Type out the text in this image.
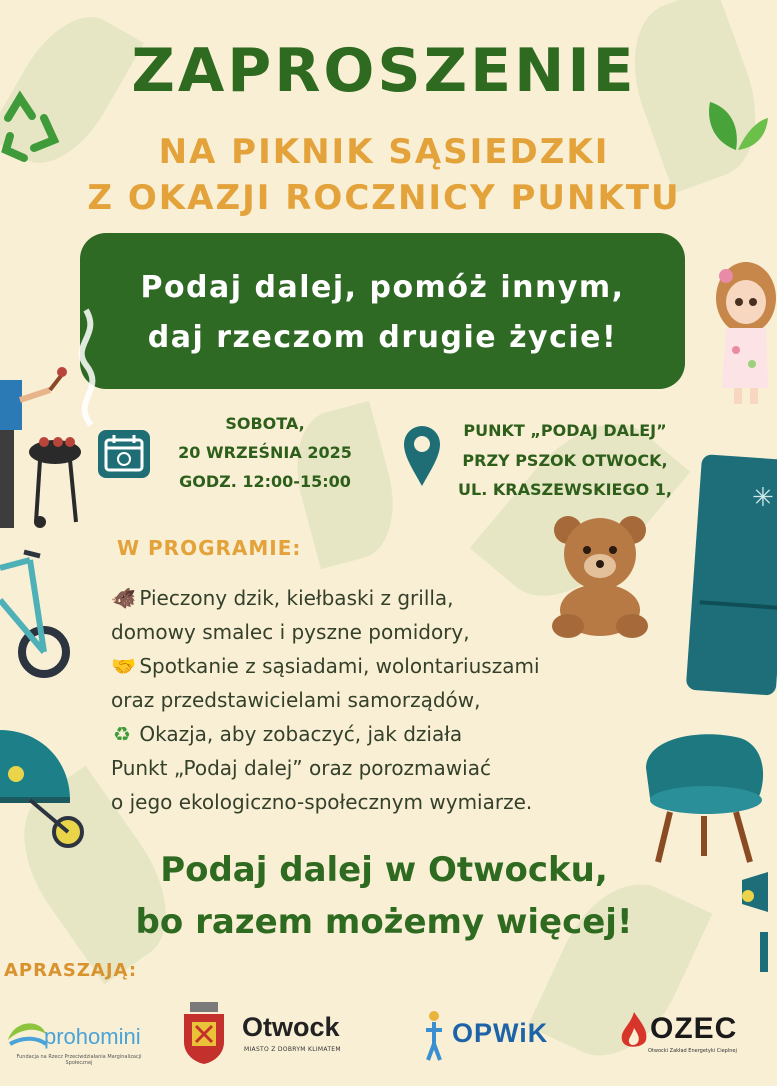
ZAPROSZENIE
NA PIKNIK SĄSIEDZKI
Z OKAZJI ROCZNICY PUNKTU
Podaj dalej, pomóż innym,
daj rzeczom drugie życie!
SOBOTA,
20 WRZEŚNIA 2025
GODZ. 12:00-15:00
PUNKT „PODAJ DALEJ”
PRZY PSZOK OTWOCK,
UL. KRASZEWSKIEGO 1,	✳
W PROGRAMIE:
🐗 Pieczony dzik, kiełbaski z grilla,
domowy smalec i pyszne pomidory,
🤝 Spotkanie z sąsiadami, wolontariuszami
oraz przedstawicielami samorządów,
♻ Okazja, aby zobaczyć, jak działa
Punkt „Podaj dalej” oraz porozmawiać
o jego ekologiczno-społecznym wymiarze.
Podaj dalej w Otwocku,
bo razem możemy więcej!
APRASZAJĄ:
prohomini
Fundacja na Rzecz Przeciwdziałania Marginalizacji Społecznej
Otwock
MIASTO Z DOBRYM KLIMATEM
OPWiK	OZEC
Otwocki Zakład Energetyki Cieplnej
